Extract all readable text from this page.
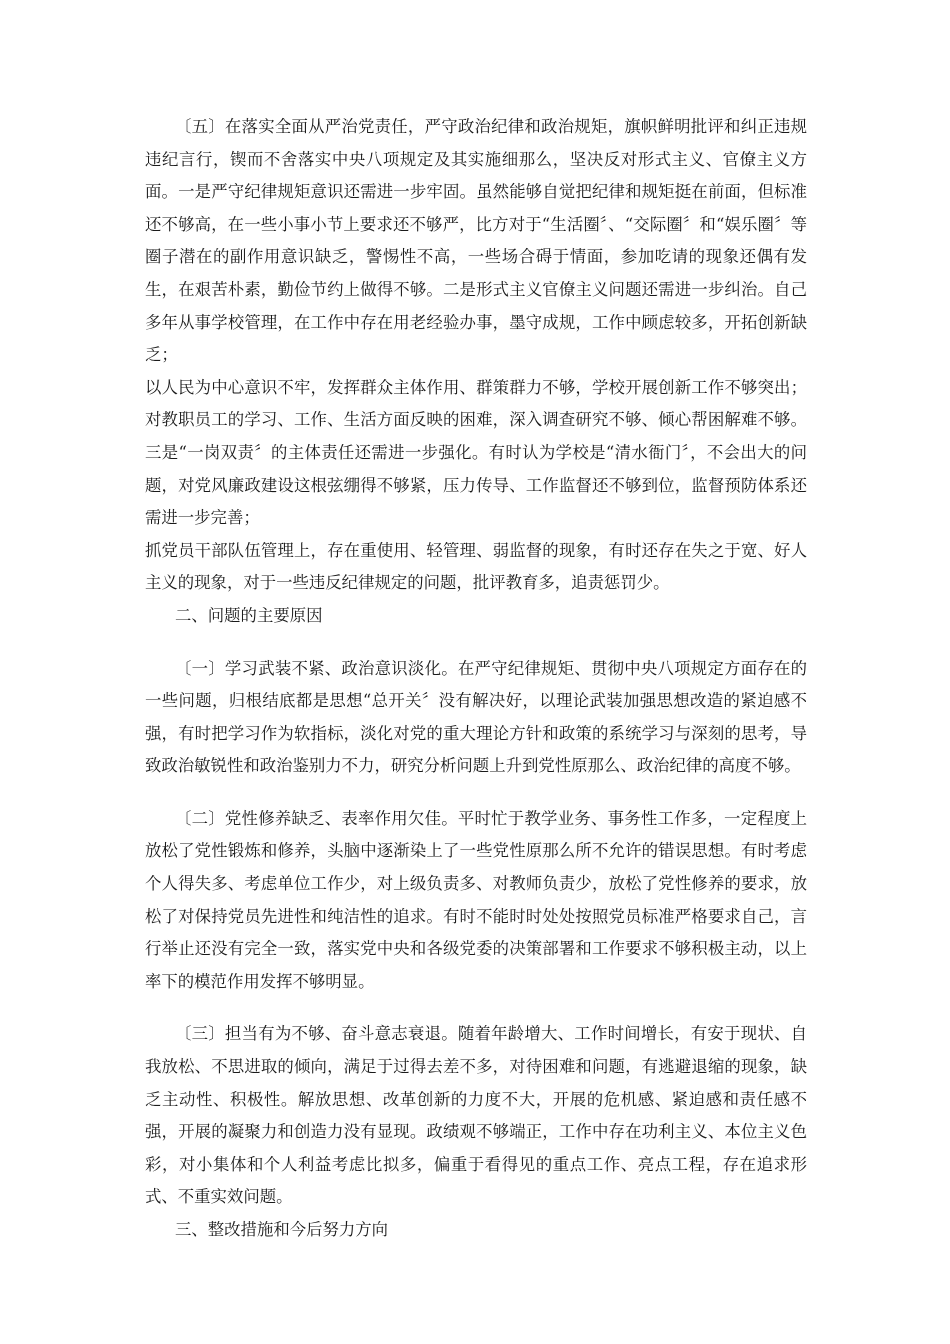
〔五〕在落实全面从严治党责任，严守政治纪律和政治规矩，旗帜鲜明批评和纠正违规违纪言行，锲而不舍落实中央八项规定及其实施细那么，坚决反对形式主义、官僚主义方面。一是严守纪律规矩意识还需进一步牢固。虽然能够自觉把纪律和规矩挺在前面，但标准还不够高，在一些小事小节上要求还不够严，比方对于“生活圈〞、“交际圈〞和“娱乐圈〞等圈子潜在的副作用意识缺乏，警惕性不高，一些场合碍于情面，参加吃请的现象还偶有发生，在艰苦朴素，勤俭节约上做得不够。二是形式主义官僚主义问题还需进一步纠治。自己多年从事学校管理，在工作中存在用老经验办事，墨守成规，工作中顾虑较多，开拓创新缺乏；

以人民为中心意识不牢，发挥群众主体作用、群策群力不够，学校开展创新工作不够突出；对教职员工的学习、工作、生活方面反映的困难，深入调查研究不够、倾心帮困解难不够。三是“一岗双责〞的主体责任还需进一步强化。有时认为学校是“清水衙门〞，不会出大的问题，对党风廉政建设这根弦绷得不够紧，压力传导、工作监督还不够到位，监督预防体系还需进一步完善；

抓党员干部队伍管理上，存在重使用、轻管理、弱监督的现象，有时还存在失之于宽、好人主义的现象，对于一些违反纪律规定的问题，批评教育多，追责惩罚少。

二、问题的主要原因

〔一〕学习武装不紧、政治意识淡化。在严守纪律规矩、贯彻中央八项规定方面存在的一些问题，归根结底都是思想“总开关〞没有解决好，以理论武装加强思想改造的紧迫感不强，有时把学习作为软指标，淡化对党的重大理论方针和政策的系统学习与深刻的思考，导致政治敏锐性和政治鉴别力不力，研究分析问题上升到党性原那么、政治纪律的高度不够。

〔二〕党性修养缺乏、表率作用欠佳。平时忙于教学业务、事务性工作多，一定程度上放松了党性锻炼和修养，头脑中逐渐染上了一些党性原那么所不允许的错误思想。有时考虑个人得失多、考虑单位工作少，对上级负责多、对教师负责少，放松了党性修养的要求，放松了对保持党员先进性和纯洁性的追求。有时不能时时处处按照党员标准严格要求自己，言行举止还没有完全一致，落实党中央和各级党委的决策部署和工作要求不够积极主动，以上率下的模范作用发挥不够明显。

〔三〕担当有为不够、奋斗意志衰退。随着年龄增大、工作时间增长，有安于现状、自我放松、不思进取的倾向，满足于过得去差不多，对待困难和问题，有逃避退缩的现象，缺乏主动性、积极性。解放思想、改革创新的力度不大，开展的危机感、紧迫感和责任感不强，开展的凝聚力和创造力没有显现。政绩观不够端正，工作中存在功利主义、本位主义色彩，对小集体和个人利益考虑比拟多，偏重于看得见的重点工作、亮点工程，存在追求形式、不重实效问题。

三、整改措施和今后努力方向
